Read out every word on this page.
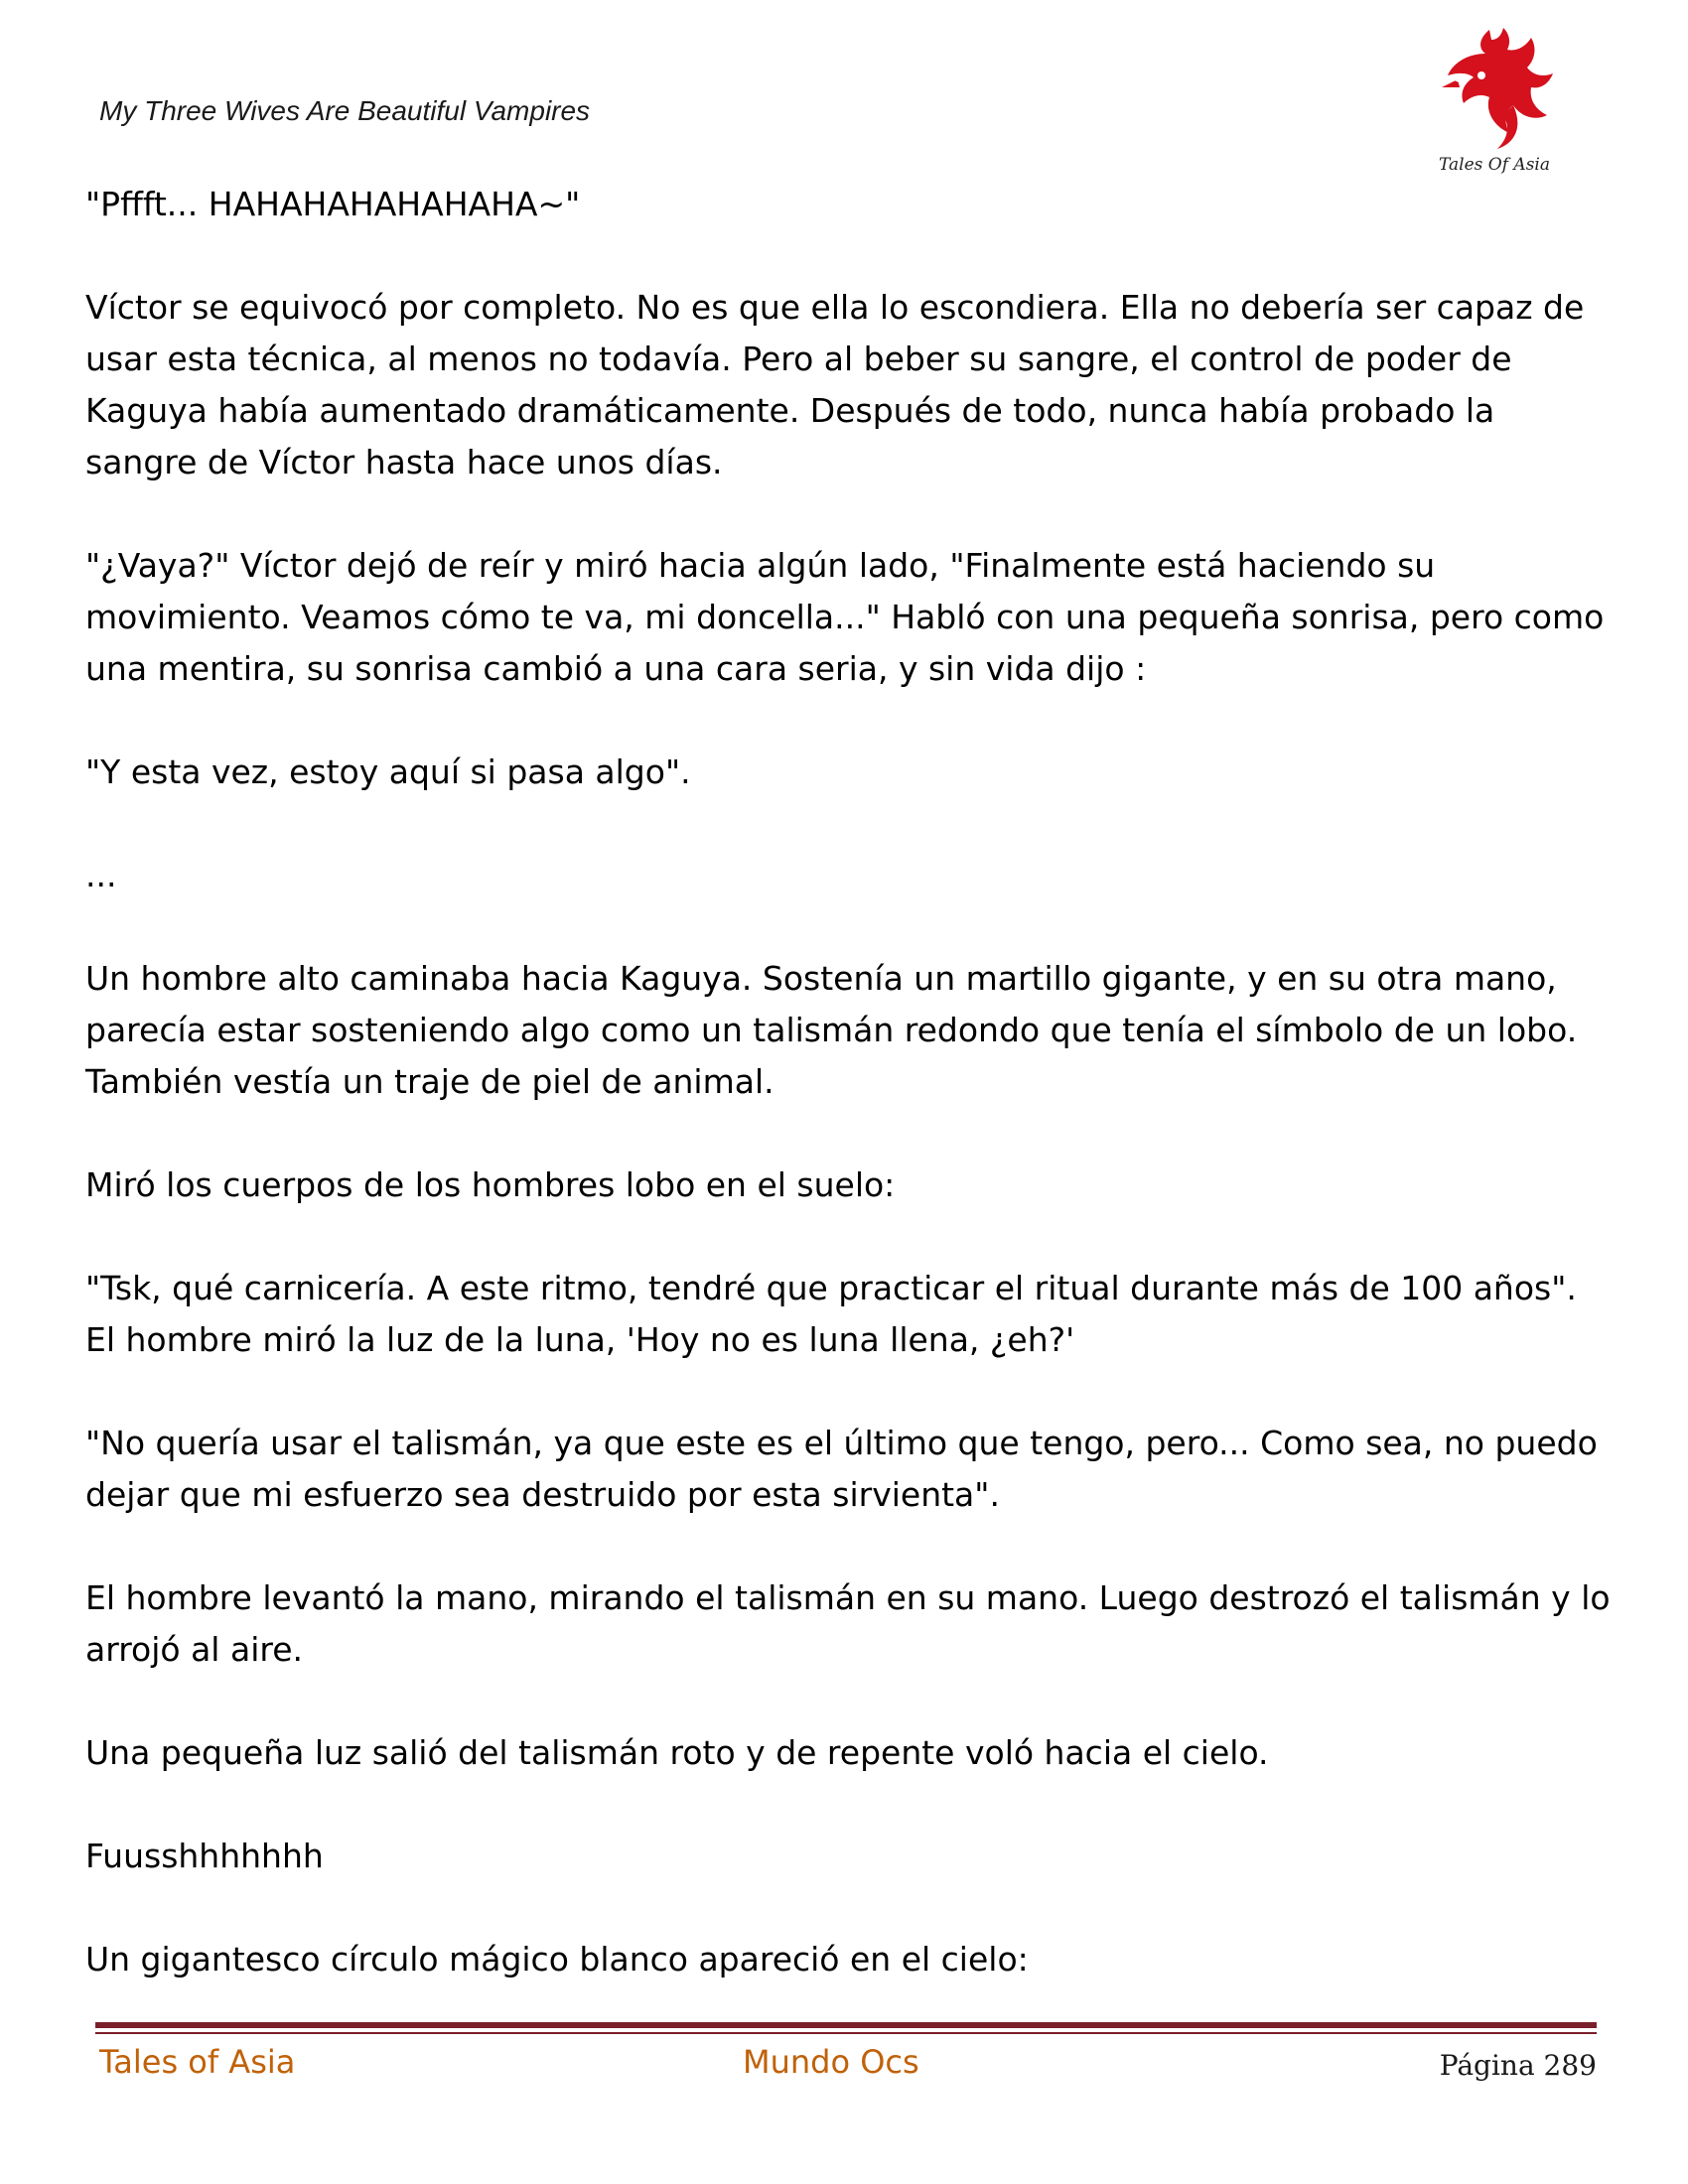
My Three Wives Are Beautiful Vampires
Tales Of Asia

"Pffft... HAHAHAHAHAHAHA~"

Víctor se equivocó por completo. No es que ella lo escondiera. Ella no debería ser capaz de usar esta técnica, al menos no todavía. Pero al beber su sangre, el control de poder de Kaguya había aumentado dramáticamente. Después de todo, nunca había probado la sangre de Víctor hasta hace unos días.

"¿Vaya?" Víctor dejó de reír y miró hacia algún lado, "Finalmente está haciendo su movimiento. Veamos cómo te va, mi doncella..." Habló con una pequeña sonrisa, pero como una mentira, su sonrisa cambió a una cara seria, y sin vida dijo :

"Y esta vez, estoy aquí si pasa algo".

...

Un hombre alto caminaba hacia Kaguya. Sostenía un martillo gigante, y en su otra mano, parecía estar sosteniendo algo como un talismán redondo que tenía el símbolo de un lobo. También vestía un traje de piel de animal.

Miró los cuerpos de los hombres lobo en el suelo:

"Tsk, qué carnicería. A este ritmo, tendré que practicar el ritual durante más de 100 años". El hombre miró la luz de la luna, 'Hoy no es luna llena, ¿eh?'

"No quería usar el talismán, ya que este es el último que tengo, pero... Como sea, no puedo dejar que mi esfuerzo sea destruido por esta sirvienta".

El hombre levantó la mano, mirando el talismán en su mano. Luego destrozó el talismán y lo arrojó al aire.

Una pequeña luz salió del talismán roto y de repente voló hacia el cielo.

Fuusshhhhhhh

Un gigantesco círculo mágico blanco apareció en el cielo:

Tales of Asia	Mundo Ocs	Página 289
